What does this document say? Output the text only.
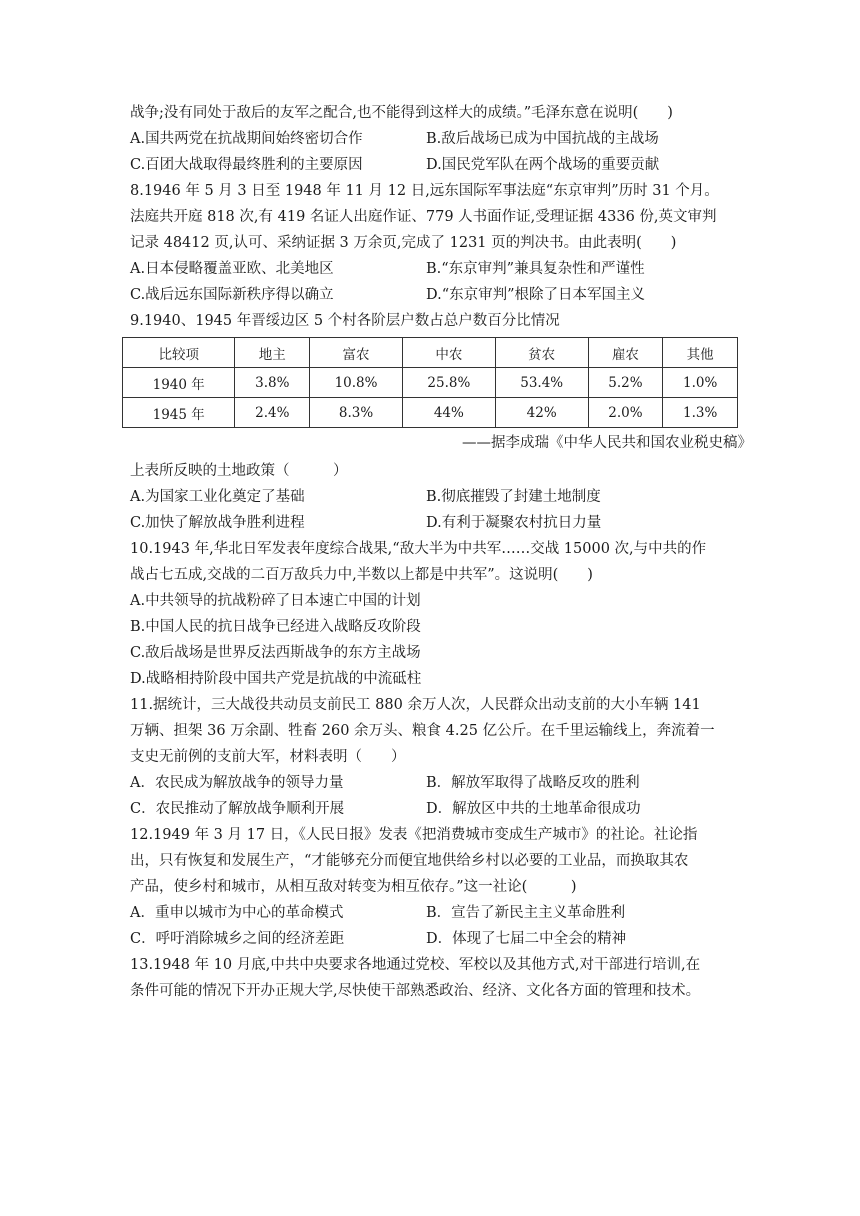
战争;没有同处于敌后的友军之配合,也不能得到这样大的成绩。”毛泽东意在说明(　　)
A.国共两党在抗战期间始终密切合作	B.敌后战场已成为中国抗战的主战场
C.百团大战取得最终胜利的主要原因	D.国民党军队在两个战场的重要贡献
8.1946 年 5 月 3 日至 1948 年 11 月 12 日,远东国际军事法庭“东京审判”历时 31 个月。
法庭共开庭 818 次,有 419 名证人出庭作证、779 人书面作证,受理证据 4336 份,英文审判
记录 48412 页,认可、采纳证据 3 万余页,完成了 1231 页的判决书。由此表明(　　)
A.日本侵略覆盖亚欧、北美地区	B.“东京审判”兼具复杂性和严谨性
C.战后远东国际新秩序得以确立	D.“东京审判”根除了日本军国主义
9.1940、1945 年晋绥边区 5 个村各阶层户数占总户数百分比情况
比较项	地主	富农	中农	贫农	雇农	其他
1940 年	3.8%	10.8%	25.8%	53.4%	5.2%	1.0%
1945 年	2.4%	8.3%	44%	42%	2.0%	1.3%
——据李成瑞《中华人民共和国农业税史稿》
上表所反映的土地政策（　　　）
A.为国家工业化奠定了基础	B.彻底摧毁了封建土地制度
C.加快了解放战争胜利进程	D.有利于凝聚农村抗日力量
10.1943 年,华北日军发表年度综合战果,“敌大半为中共军……交战 15000 次,与中共的作
战占七五成,交战的二百万敌兵力中,半数以上都是中共军”。这说明(　　)
A.中共领导的抗战粉碎了日本速亡中国的计划
B.中国人民的抗日战争已经进入战略反攻阶段
C.敌后战场是世界反法西斯战争的东方主战场
D.战略相持阶段中国共产党是抗战的中流砥柱
11.据统计，三大战役共动员支前民工 880 余万人次，人民群众出动支前的大小车辆 141
万辆、担架 36 万余副、牲畜 260 余万头、粮食 4.25 亿公斤。在千里运输线上，奔流着一
支史无前例的支前大军，材料表明（　　）
A．农民成为解放战争的领导力量	B．解放军取得了战略反攻的胜利
C．农民推动了解放战争顺利开展	D．解放区中共的土地革命很成功
12.1949 年 3 月 17 日，《人民日报》发表《把消费城市变成生产城市》的社论。社论指
出，只有恢复和发展生产，“才能够充分而便宜地供给乡村以必要的工业品，而换取其农
产品，使乡村和城市，从相互敌对转变为相互依存。”这一社论(　　　)
A．重申以城市为中心的革命模式	B．宣告了新民主主义革命胜利
C．呼吁消除城乡之间的经济差距	D．体现了七届二中全会的精神
13.1948 年 10 月底,中共中央要求各地通过党校、军校以及其他方式,对干部进行培训,在
条件可能的情况下开办正规大学,尽快使干部熟悉政治、经济、文化各方面的管理和技术。
